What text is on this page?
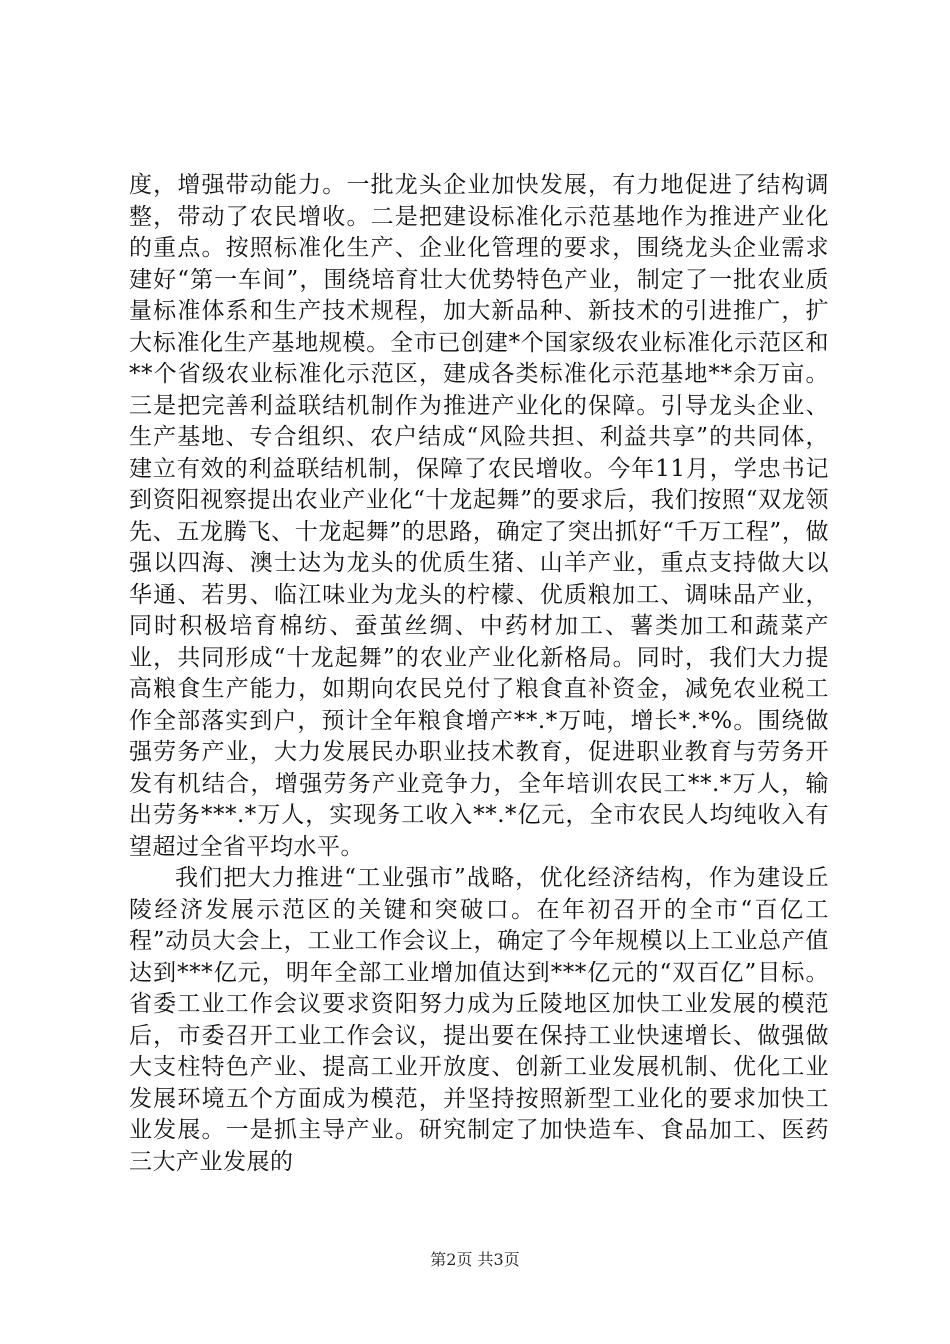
度，增强带动能力。一批龙头企业加快发展，有力地促进了结构调整，带动了农民增收。二是把建设标准化示范基地作为推进产业化的重点。按照标准化生产、企业化管理的要求，围绕龙头企业需求建好“第一车间”，围绕培育壮大优势特色产业，制定了一批农业质量标准体系和生产技术规程，加大新品种、新技术的引进推广，扩大标准化生产基地规模。全市已创建*个国家级农业标准化示范区和**个省级农业标准化示范区，建成各类标准化示范基地**余万亩。三是把完善利益联结机制作为推进产业化的保障。引导龙头企业、生产基地、专合组织、农户结成“风险共担、利益共享”的共同体，建立有效的利益联结机制，保障了农民增收。今年11月，学忠书记到资阳视察提出农业产业化“十龙起舞”的要求后，我们按照“双龙领先、五龙腾飞、十龙起舞”的思路，确定了突出抓好“千万工程”，做强以四海、澳士达为龙头的优质生猪、山羊产业，重点支持做大以华通、若男、临江味业为龙头的柠檬、优质粮加工、调味品产业，同时积极培育棉纺、蚕茧丝绸、中药材加工、薯类加工和蔬菜产业，共同形成“十龙起舞”的农业产业化新格局。同时，我们大力提高粮食生产能力，如期向农民兑付了粮食直补资金，减免农业税工作全部落实到户，预计全年粮食增产**.*万吨，增长*.*%。围绕做强劳务产业，大力发展民办职业技术教育，促进职业教育与劳务开发有机结合，增强劳务产业竞争力，全年培训农民工**.*万人，输出劳务***.*万人，实现务工收入**.*亿元，全市农民人均纯收入有望超过全省平均水平。

我们把大力推进“工业强市”战略，优化经济结构，作为建设丘陵经济发展示范区的关键和突破口。在年初召开的全市“百亿工程”动员大会上，工业工作会议上，确定了今年规模以上工业总产值达到***亿元，明年全部工业增加值达到***亿元的“双百亿”目标。省委工业工作会议要求资阳努力成为丘陵地区加快工业发展的模范后，市委召开工业工作会议，提出要在保持工业快速增长、做强做大支柱特色产业、提高工业开放度、创新工业发展机制、优化工业发展环境五个方面成为模范，并坚持按照新型工业化的要求加快工业发展。一是抓主导产业。研究制定了加快造车、食品加工、医药三大产业发展的

第2页 共3页
